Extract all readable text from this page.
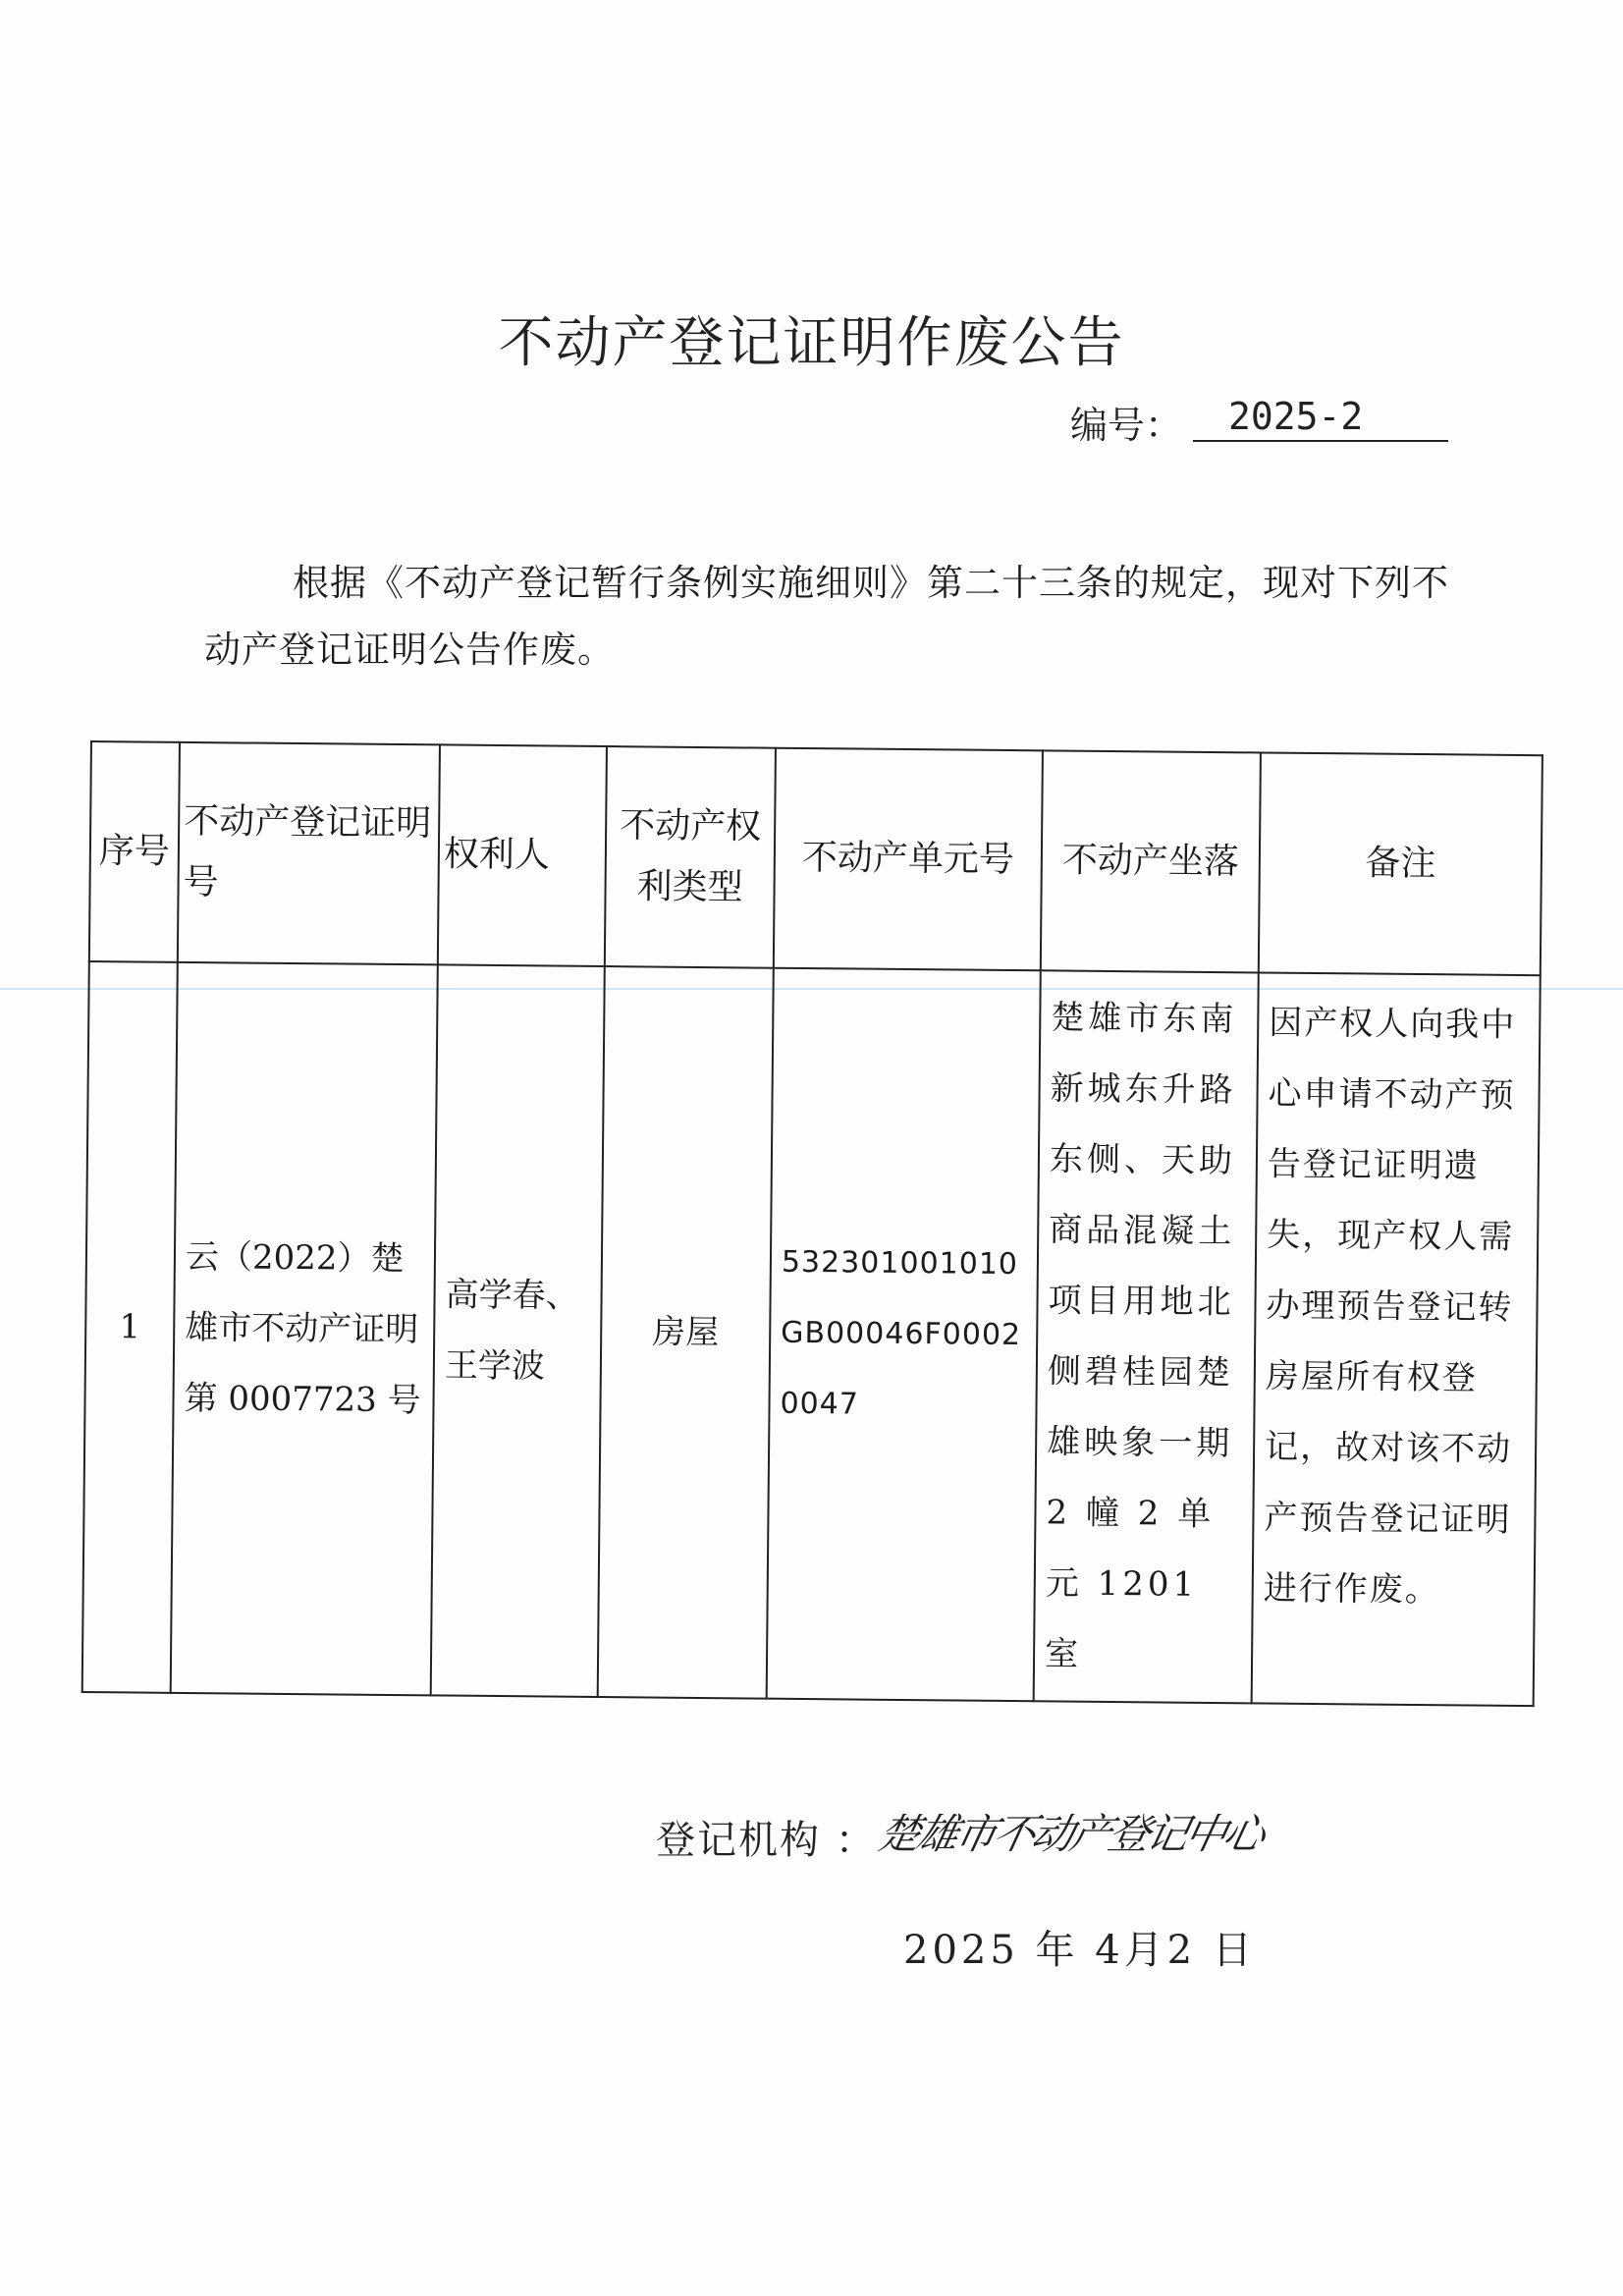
不动产登记证明作废公告
编号：	2025-2
根据《不动产登记暂行条例实施细则》第二十三条的规定，现对下列不动产登记证明公告作废。
序号	不动产登记证明号	权利人	不动产权利类型	不动产单元号	不动产坐落	备注
1	云（2022）楚雄市不动产证明第 0007723 号	高学春、王学波	房屋	532301001010GB00046F00020047	楚雄市东南新城东升路东侧、天助商品混凝土项目用地北侧碧桂园楚雄映象一期 2 幢 2 单元 1201 室	因产权人向我中心申请不动产预告登记证明遗失，现产权人需办理预告登记转房屋所有权登记，故对该不动产预告登记证明进行作废。
登记机构 ：
楚雄市不动产登记中心
2025 年 4月2 日
